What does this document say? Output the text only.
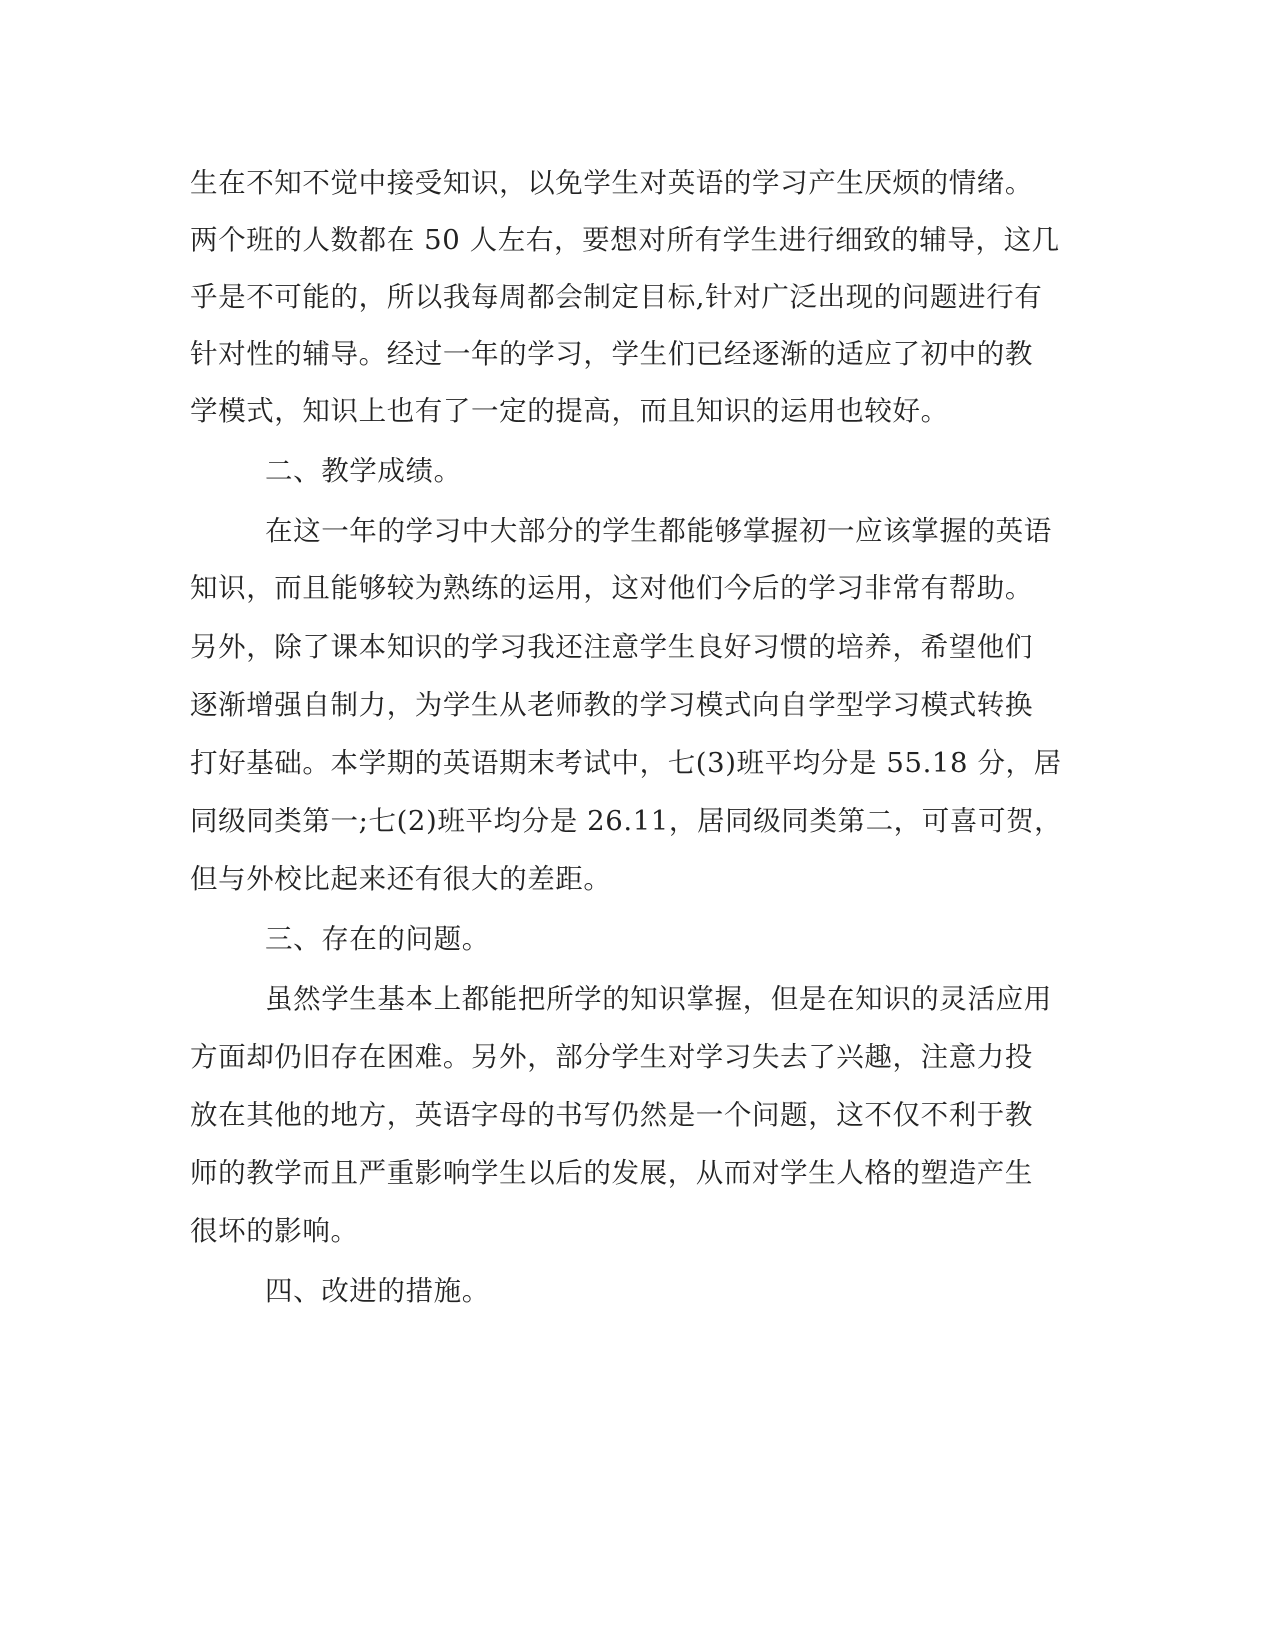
生在不知不觉中接受知识，以免学生对英语的学习产生厌烦的情绪。
两个班的人数都在 50 人左右，要想对所有学生进行细致的辅导，这几
乎是不可能的，所以我每周都会制定目标,针对广泛出现的问题进行有
针对性的辅导。经过一年的学习，学生们已经逐渐的适应了初中的教
学模式，知识上也有了一定的提高，而且知识的运用也较好。
二、教学成绩。
在这一年的学习中大部分的学生都能够掌握初一应该掌握的英语
知识，而且能够较为熟练的运用，这对他们今后的学习非常有帮助。
另外，除了课本知识的学习我还注意学生良好习惯的培养，希望他们
逐渐增强自制力，为学生从老师教的学习模式向自学型学习模式转换
打好基础。本学期的英语期末考试中，七(3)班平均分是 55.18 分，居
同级同类第一;七(2)班平均分是 26.11，居同级同类第二，可喜可贺，
但与外校比起来还有很大的差距。
三、存在的问题。
虽然学生基本上都能把所学的知识掌握，但是在知识的灵活应用
方面却仍旧存在困难。另外，部分学生对学习失去了兴趣，注意力投
放在其他的地方，英语字母的书写仍然是一个问题，这不仅不利于教
师的教学而且严重影响学生以后的发展，从而对学生人格的塑造产生
很坏的影响。
四、改进的措施。
